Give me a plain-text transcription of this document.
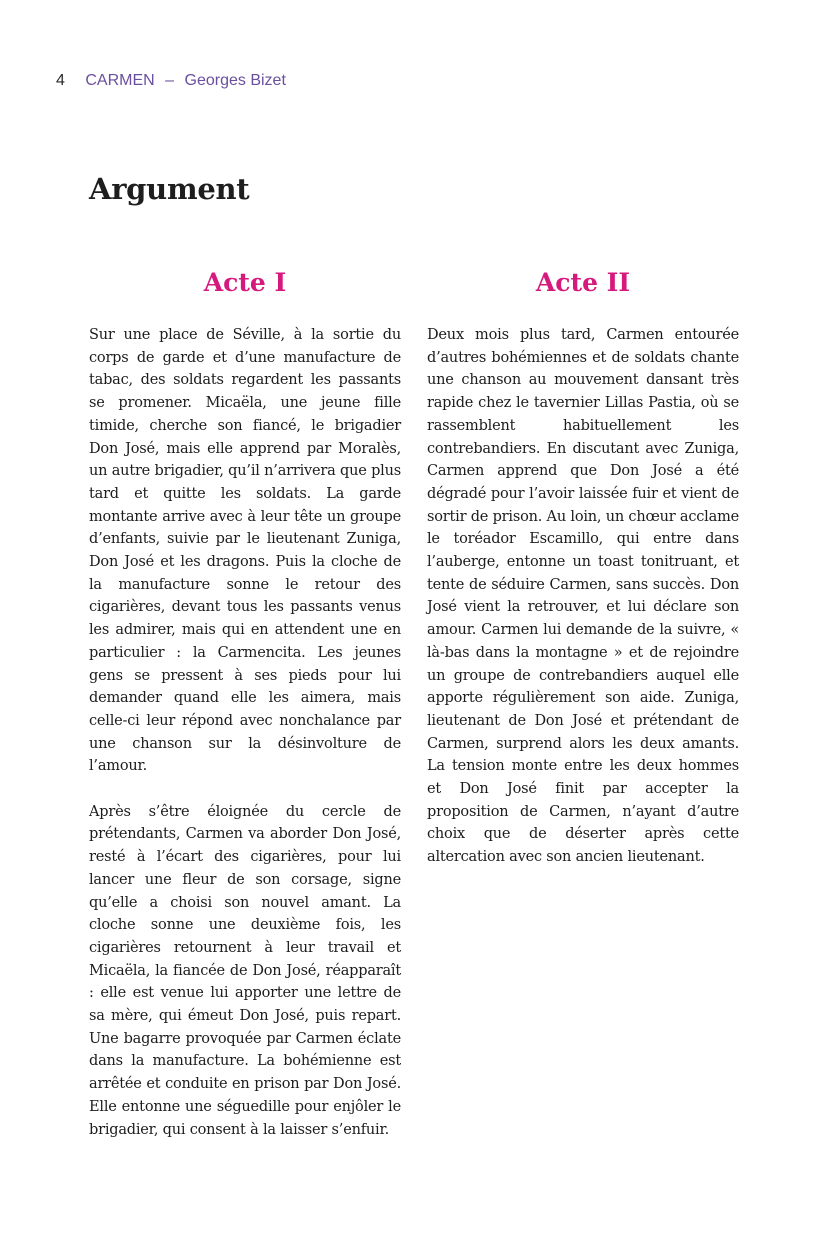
4 CARMEN – Georges Bizet
Argument
Acte I	Acte II

Sur une place de Séville, à la sortie du corps de garde et d’une manufacture de tabac, des soldats regardent les passants se promener. Micaëla, une jeune fille timide, cherche son fiancé, le brigadier Don José, mais elle apprend par Moralès, un autre brigadier, qu’il n’arrivera que plus tard et quitte les soldats. La garde montante arrive avec à leur tête un groupe d’enfants, suivie par le lieutenant Zuniga, Don José et les dragons. Puis la cloche de la manufacture sonne le retour des cigarières, devant tous les passants venus les admirer, mais qui en attendent une en particulier : la Carmencita. Les jeunes gens se pressent à ses pieds pour lui demander quand elle les aimera, mais celle-ci leur répond avec nonchalance par une chanson sur la désinvolture de l’amour.

Après s’être éloignée du cercle de prétendants, Carmen va aborder Don José, resté à l’écart des cigarières, pour lui lancer une fleur de son corsage, signe qu’elle a choisi son nouvel amant. La cloche sonne une deuxième fois, les cigarières retournent à leur travail et Micaëla, la fiancée de Don José, réapparaît : elle est venue lui apporter une lettre de sa mère, qui émeut Don José, puis repart. Une bagarre provoquée par Carmen éclate dans la manufacture. La bohémienne est arrêtée et conduite en prison par Don José. Elle entonne une séguedille pour enjôler le brigadier, qui consent à la laisser s’enfuir.

Deux mois plus tard, Carmen entourée d’autres bohémiennes et de soldats chante une chanson au mouvement dansant très rapide chez le tavernier Lillas Pastia, où se rassemblent habituellement les contrebandiers. En discutant avec Zuniga, Carmen apprend que Don José a été dégradé pour l’avoir laissée fuir et vient de sortir de prison. Au loin, un chœur acclame le toréador Escamillo, qui entre dans l’auberge, entonne un toast tonitruant, et tente de séduire Carmen, sans succès. Don José vient la retrouver, et lui déclare son amour. Carmen lui demande de la suivre, « là-bas dans la montagne » et de rejoindre un groupe de contrebandiers auquel elle apporte régulièrement son aide. Zuniga, lieutenant de Don José et prétendant de Carmen, surprend alors les deux amants. La tension monte entre les deux hommes et Don José finit par accepter la proposition de Carmen, n’ayant d’autre choix que de déserter après cette altercation avec son ancien lieutenant.
